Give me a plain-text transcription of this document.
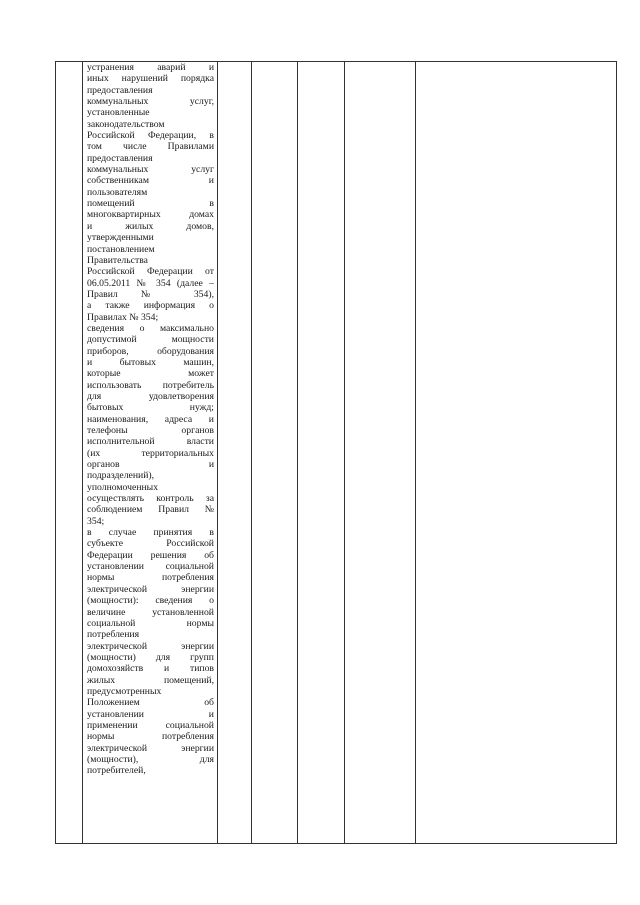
устранения аварий и
иных нарушений порядка
предоставления
коммунальных услуг,
установленные
законодательством
Российской Федерации, в
том числе Правилами
предоставления
коммунальных услуг
собственникам и
пользователям
помещений в
многоквартирных домах
и жилых домов,
утвержденными
постановлением
Правительства
Российской Федерации от
06.05.2011 № 354 (далее –
Правил № 354),
а также информация о
Правилах № 354;
сведения о максимально
допустимой мощности
приборов, оборудования
и бытовых машин,
которые может
использовать потребитель
для удовлетворения
бытовых нужд;
наименования, адреса и
телефоны органов
исполнительной власти
(их территориальных
органов и
подразделений),
уполномоченных
осуществлять контроль за
соблюдением Правил №
354;
в случае принятия в
субъекте Российской
Федерации решения об
установлении социальной
нормы потребления
электрической энергии
(мощности): сведения о
величине установленной
социальной нормы
потребления
электрической энергии
(мощности) для групп
домохозяйств и типов
жилых помещений,
предусмотренных
Положением об
установлении и
применении социальной
нормы потребления
электрической энергии
(мощности), для
потребителей,
